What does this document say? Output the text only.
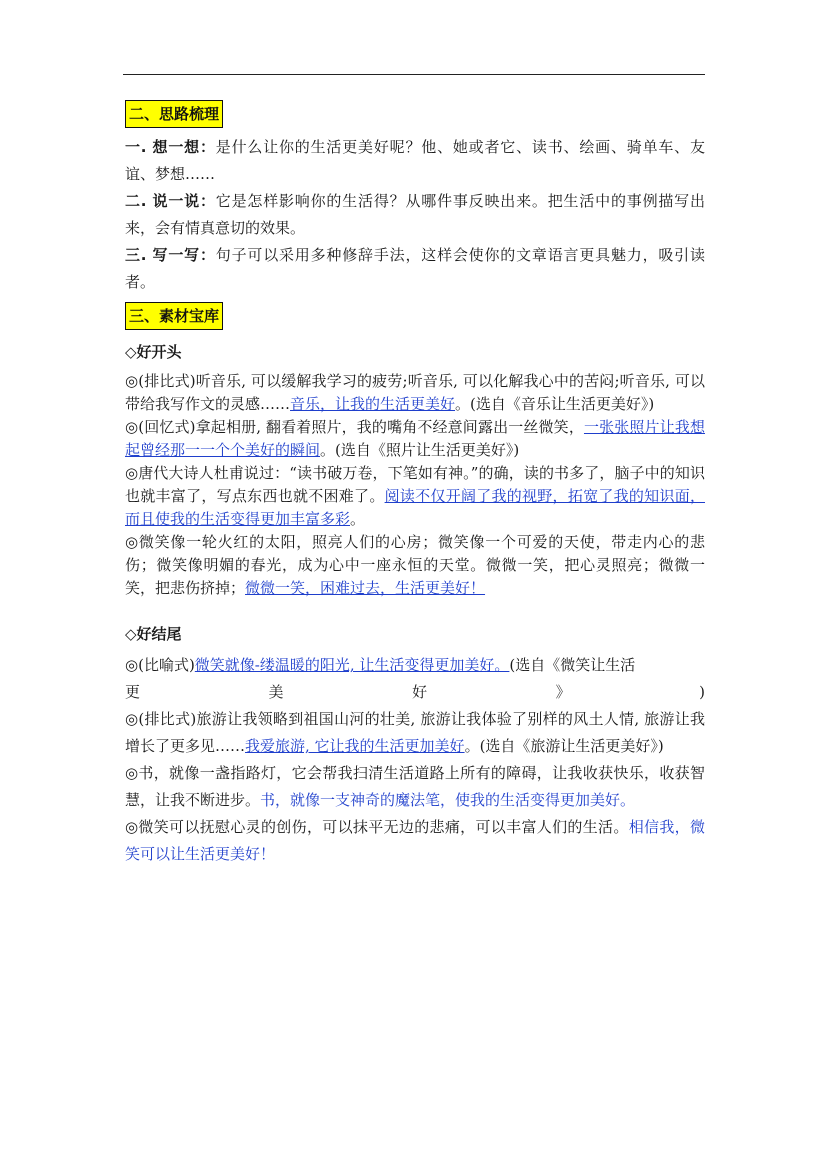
二、思路梳理

一. 想一想：是什么让你的生活更美好呢？他、她或者它、读书、绘画、骑单车、友谊、梦想……

二. 说一说：它是怎样影响你的生活得？从哪件事反映出来。把生活中的事例描写出来，会有情真意切的效果。

三. 写一写：句子可以采用多种修辞手法，这样会使你的文章语言更具魅力，吸引读者。

三、素材宝库

◇好开头

◎(排比式)听音乐, 可以缓解我学习的疲劳;听音乐, 可以化解我心中的苦闷;听音乐, 可以带给我写作文的灵感……音乐，让我的生活更美好。(选自《音乐让生活更美好》)

◎(回忆式)拿起相册, 翻看着照片，我的嘴角不经意间露出一丝微笑，一张张照片让我想起曾经那一一个个美好的瞬间。(选自《照片让生活更美好》)

◎唐代大诗人杜甫说过：“读书破万卷，下笔如有神。”的确，读的书多了，脑子中的知识也就丰富了，写点东西也就不困难了。阅读不仅开阔了我的视野，拓宽了我的知识面，而且使我的生活变得更加丰富多彩。

◎微笑像一轮火红的太阳，照亮人们的心房；微笑像一个可爱的天使，带走内心的悲伤；微笑像明媚的春光，成为心中一座永恒的天堂。微微一笑，把心灵照亮；微微一笑，把悲伤挤掉；微微一笑，困难过去，生活更美好！

◇好结尾

◎(比喻式)微笑就像-缕温暖的阳光, 让生活变得更加美好。(选自《微笑让生活

更	美	好	》	)

◎(排比式)旅游让我领略到祖国山河的壮美, 旅游让我体验了别样的风土人情, 旅游让我增长了更多见……我爱旅游, 它让我的生活更加美好。(选自《旅游让生活更美好》)

◎书，就像一盏指路灯，它会帮我扫清生活道路上所有的障碍，让我收获快乐，收获智慧，让我不断进步。书，就像一支神奇的魔法笔，使我的生活变得更加美好。

◎微笑可以抚慰心灵的创伤，可以抹平无边的悲痛，可以丰富人们的生活。相信我，微笑可以让生活更美好！
